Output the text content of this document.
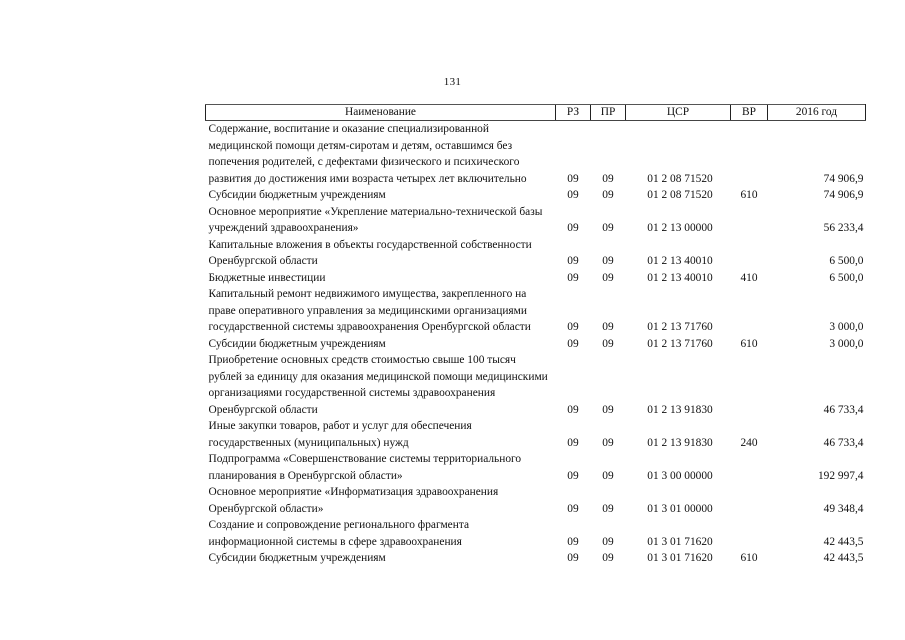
131
Наименование	РЗ	ПР	ЦСР	ВР	2016 год
Содержание, воспитание и оказание специализированной медицинской помощи детям-сиротам и детям, оставшимся без попечения родителей, с дефектами физического и психического развития до достижения ими возраста четырех лет включительно	09	09	01 2 08 71520		74 906,9
Субсидии бюджетным учреждениям	09	09	01 2 08 71520	610	74 906,9
Основное мероприятие «Укрепление материально-технической базы учреждений здравоохранения»	09	09	01 2 13 00000		56 233,4
Капитальные вложения в объекты государственной собственности Оренбургской области	09	09	01 2 13 40010		6 500,0
Бюджетные инвестиции	09	09	01 2 13 40010	410	6 500,0
Капитальный ремонт недвижимого имущества, закрепленного на праве оперативного управления за медицинскими организациями государственной системы здравоохранения Оренбургской области	09	09	01 2 13 71760		3 000,0
Субсидии бюджетным учреждениям	09	09	01 2 13 71760	610	3 000,0
Приобретение основных средств стоимостью свыше 100 тысяч рублей за единицу для оказания медицинской помощи медицинскими организациями государственной системы здравоохранения Оренбургской области	09	09	01 2 13 91830		46 733,4
Иные закупки товаров, работ и услуг для обеспечения государственных (муниципальных) нужд	09	09	01 2 13 91830	240	46 733,4
Подпрограмма «Совершенствование системы территориального планирования в Оренбургской области»	09	09	01 3 00 00000		192 997,4
Основное мероприятие «Информатизация здравоохранения Оренбургской области»	09	09	01 3 01 00000		49 348,4
Создание и сопровождение регионального фрагмента информационной системы в сфере здравоохранения	09	09	01 3 01 71620		42 443,5
Субсидии бюджетным учреждениям	09	09	01 3 01 71620	610	42 443,5
